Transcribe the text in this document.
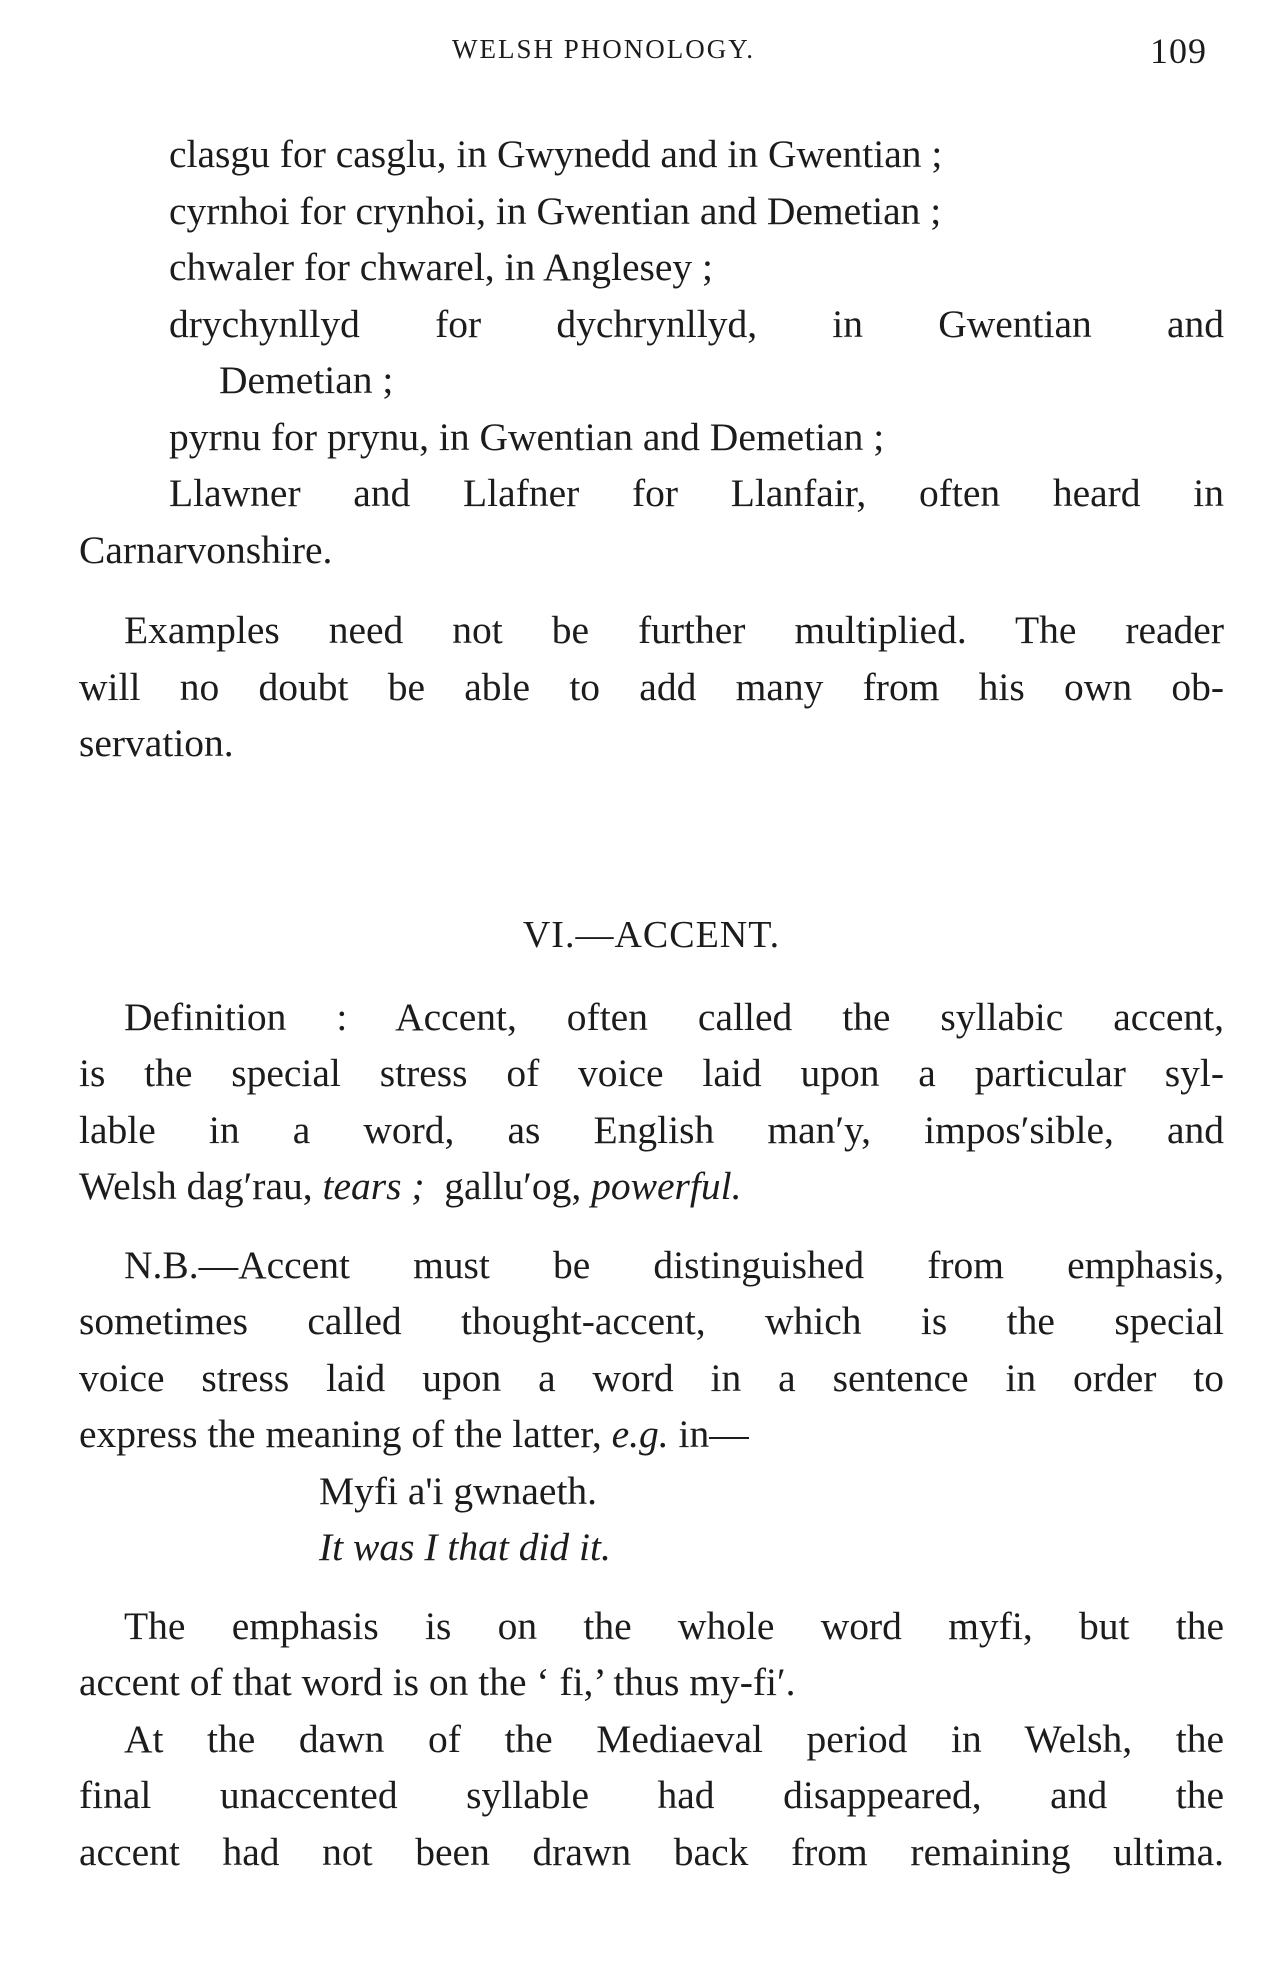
WELSH PHONOLOGY.	109
clasgu for casglu, in Gwynedd and in Gwentian ;
cyrnhoi for crynhoi, in Gwentian and Demetian ;
chwaler for chwarel, in Anglesey ;
drychynllyd for dychrynllyd, in Gwentian and
Demetian ;
pyrnu for prynu, in Gwentian and Demetian ;
Llawner and Llafner for Llanfair, often heard in
Carnarvonshire.
Examples need not be further multiplied. The reader
will no doubt be able to add many from his own ob-
servation.
VI.—ACCENT.
Definition : Accent, often called the syllabic accent,
is the special stress of voice laid upon a particular syl-
lable in a word, as English man′y, impos′sible, and
Welsh dag′rau, tears ; gallu′og, powerful.
N.B.—Accent must be distinguished from emphasis,
sometimes called thought-accent, which is the special
voice stress laid upon a word in a sentence in order to
express the meaning of the latter, e.g. in—
Myfi a'i gwnaeth.
It was I that did it.
The emphasis is on the whole word myfi, but the
accent of that word is on the ‘ fi,’ thus my-fi′.
At the dawn of the Mediaeval period in Welsh, the
final unaccented syllable had disappeared, and the
accent had not been drawn back from remaining ultima.
